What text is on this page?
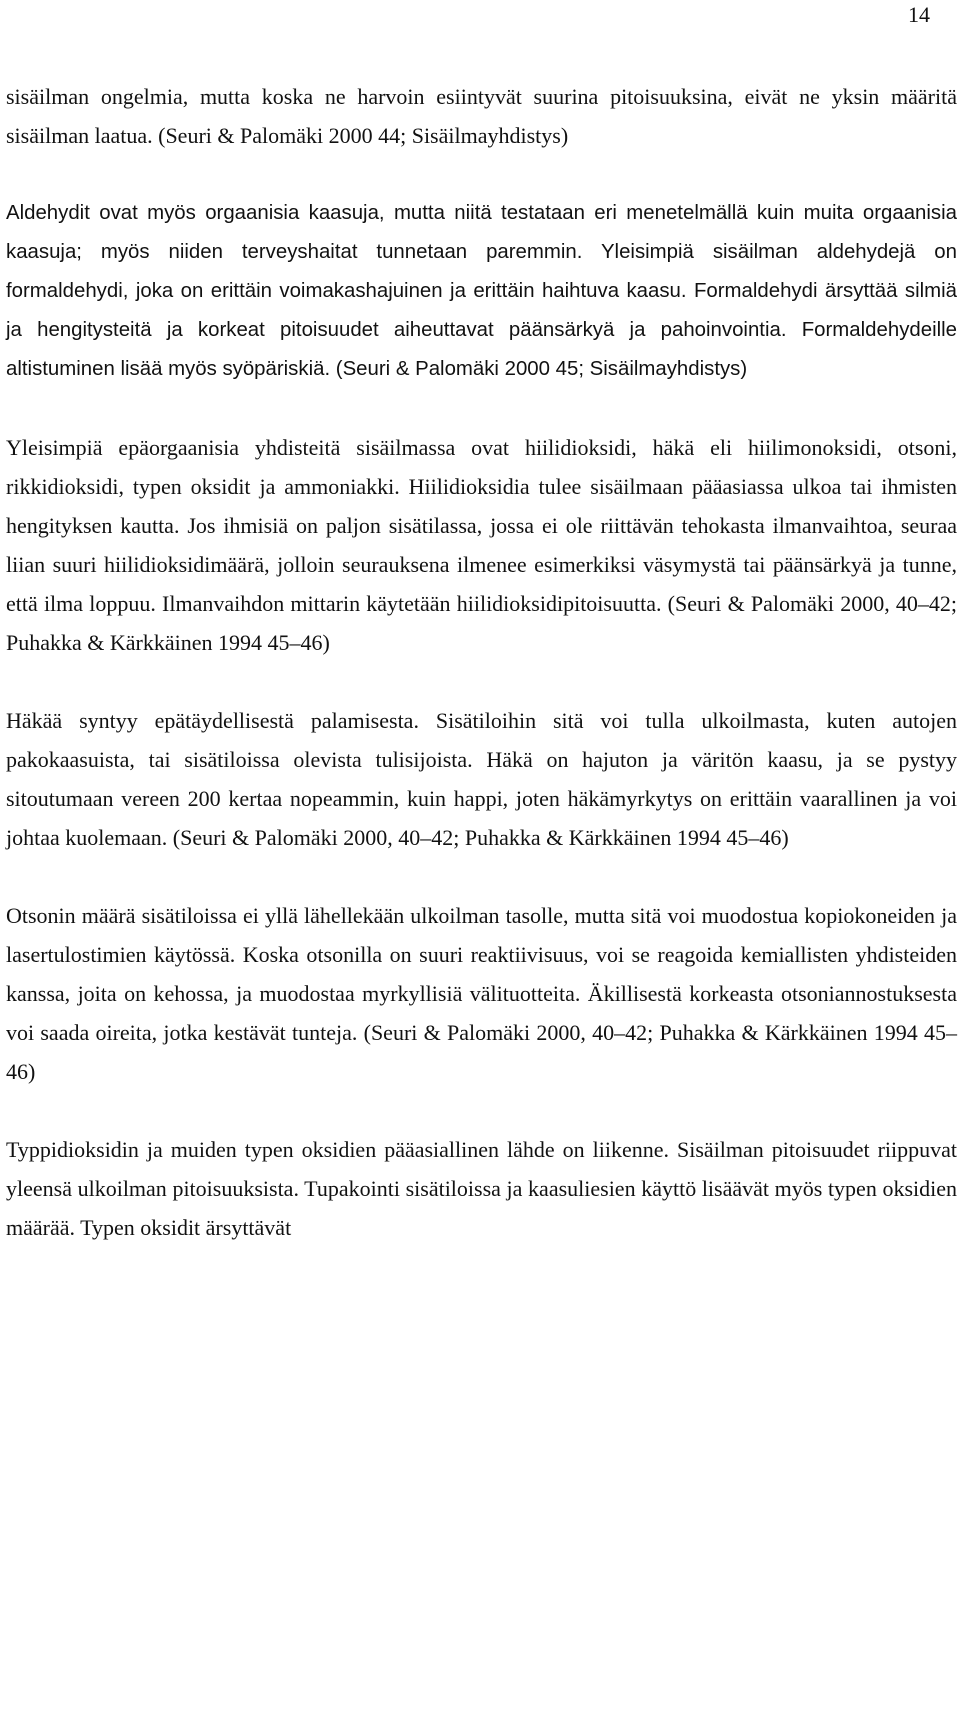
14

sisäilman ongelmia, mutta koska ne harvoin esiintyvät suurina pitoisuuksina, eivät ne yksin määritä sisäilman laatua. (Seuri & Palomäki 2000 44; Sisäilmayhdistys)

Aldehydit ovat myös orgaanisia kaasuja, mutta niitä testataan eri menetelmällä kuin muita orgaanisia kaasuja; myös niiden terveyshaitat tunnetaan paremmin. Yleisimpiä sisäilman aldehydejä on formaldehydi, joka on erittäin voimakashajuinen ja erittäin haihtuva kaasu. Formaldehydi ärsyttää silmiä ja hengitysteitä ja korkeat pitoisuudet aiheuttavat päänsärkyä ja pahoinvointia. Formaldehydeille altistuminen lisää myös syöpäriskiä. (Seuri & Palomäki 2000 45; Sisäilmayhdistys)

Yleisimpiä epäorgaanisia yhdisteitä sisäilmassa ovat hiilidioksidi, häkä eli hiilimonoksidi, otsoni, rikkidioksidi, typen oksidit ja ammoniakki. Hiilidioksidia tulee sisäilmaan pääasiassa ulkoa tai ihmisten hengityksen kautta. Jos ihmisiä on paljon sisätilassa, jossa ei ole riittävän tehokasta ilmanvaihtoa, seuraa liian suuri hiilidioksidimäärä, jolloin seurauksena ilmenee esimerkiksi väsymystä tai päänsärkyä ja tunne, että ilma loppuu. Ilmanvaihdon mittarin käytetään hiilidioksidipitoisuutta. (Seuri & Palomäki 2000, 40–42; Puhakka & Kärkkäinen 1994 45–46)

Häkää syntyy epätäydellisestä palamisesta. Sisätiloihin sitä voi tulla ulkoilmasta, kuten autojen pakokaasuista, tai sisätiloissa olevista tulisijoista. Häkä on hajuton ja väritön kaasu, ja se pystyy sitoutumaan vereen 200 kertaa nopeammin, kuin happi, joten häkämyrkytys on erittäin vaarallinen ja voi johtaa kuolemaan. (Seuri & Palomäki 2000, 40–42; Puhakka & Kärkkäinen 1994 45–46)

Otsonin määrä sisätiloissa ei yllä lähellekään ulkoilman tasolle, mutta sitä voi muodostua kopiokoneiden ja lasertulostimien käytössä. Koska otsonilla on suuri reaktiivisuus, voi se reagoida kemiallisten yhdisteiden kanssa, joita on kehossa, ja muodostaa myrkyllisiä välituotteita. Äkillisestä korkeasta otsoniannostuksesta voi saada oireita, jotka kestävät tunteja. (Seuri & Palomäki 2000, 40–42; Puhakka & Kärkkäinen 1994 45–46)

Typpidioksidin ja muiden typen oksidien pääasiallinen lähde on liikenne. Sisäilman pitoisuudet riippuvat yleensä ulkoilman pitoisuuksista. Tupakointi sisätiloissa ja kaasuliesien käyttö lisäävät myös typen oksidien määrää. Typen oksidit ärsyttävät
